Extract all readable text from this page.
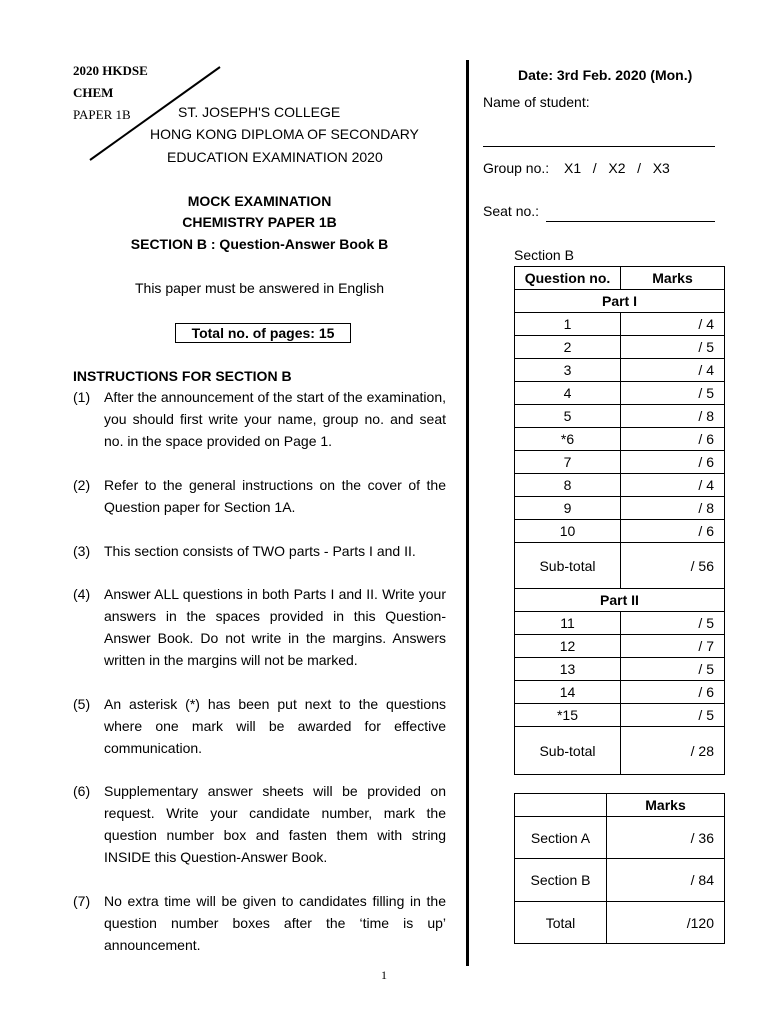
2020 HKDSE
CHEM
PAPER 1B	ST. JOSEPH'S COLLEGE
HONG KONG DIPLOMA OF SECONDARY
EDUCATION EXAMINATION 2020
MOCK EXAMINATION
CHEMISTRY PAPER 1B
SECTION B : Question-Answer Book B
This paper must be answered in English
Total no. of pages: 15
INSTRUCTIONS FOR SECTION B
(1) After the announcement of the start of the examination, you should first write your name, group no. and seat no. in the space provided on Page 1.
(2) Refer to the general instructions on the cover of the Question paper for Section 1A.
(3) This section consists of TWO parts - Parts I and II.
(4) Answer ALL questions in both Parts I and II. Write your answers in the spaces provided in this Question-Answer Book. Do not write in the margins. Answers written in the margins will not be marked.
(5) An asterisk (*) has been put next to the questions where one mark will be awarded for effective communication.
(6) Supplementary answer sheets will be provided on request. Write your candidate number, mark the question number box and fasten them with string INSIDE this Question-Answer Book.
(7) No extra time will be given to candidates filling in the question number boxes after the ‘time is up’ announcement.
Date: 3rd Feb. 2020 (Mon.)
Name of student:
Group no.: X1   /   X2   /   X3
Seat no.:
Section B
Question no.	Marks
Part I	
1	/ 4
2	/ 5
3	/ 4
4	/ 5
5	/ 8
*6	/ 6
7	/ 6
8	/ 4
9	/ 8
10	/ 6
Sub-total	/ 56
Part II	
11	/ 5
12	/ 7
13	/ 5
14	/ 6
*15	/ 5
Sub-total	/ 28
	Marks
Section A	/ 36
Section B	/ 84
Total	/120
1
